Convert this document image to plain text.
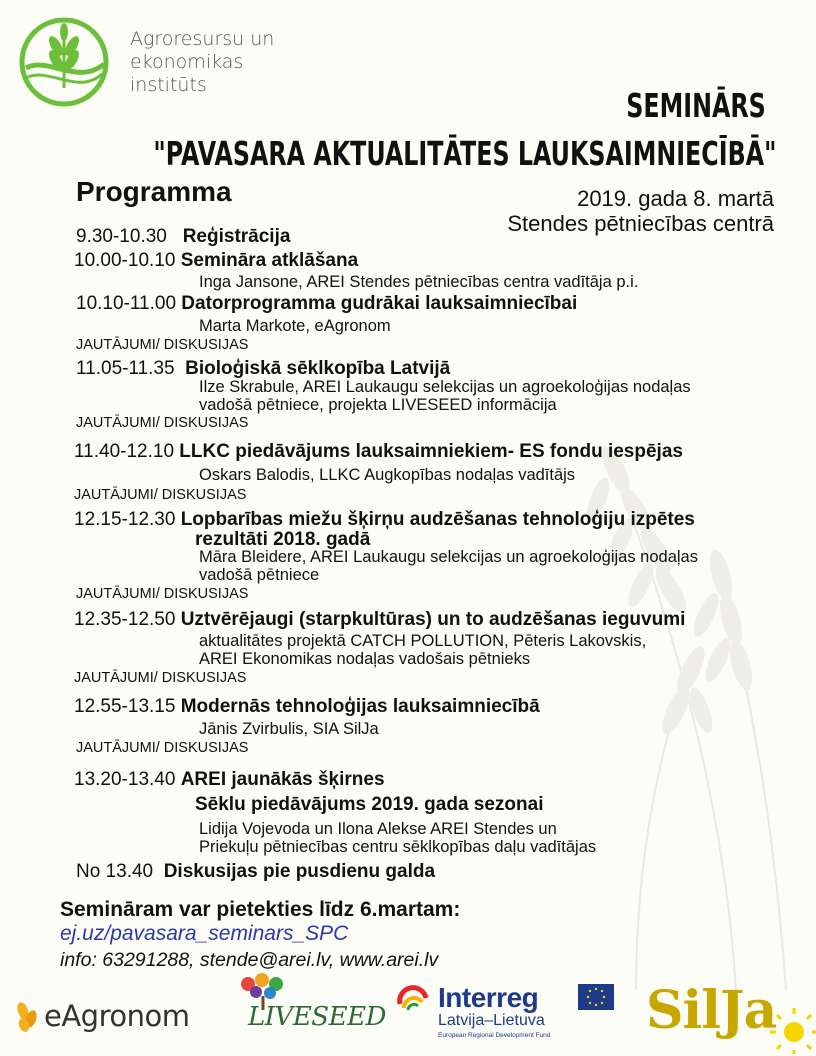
Agroresursu un
ekonomikas
institūts
SEMINĀRS
"PAVASARA AKTUALITĀTES LAUKSAIMNIECĪBĀ"
Programma	2019. gada 8. martā
Stendes pētniecības centrā
9.30-10.30 Reģistrācija
10.00-10.10 Semināra atklāšana
Inga Jansone, AREI Stendes pētniecības centra vadītāja p.i.
10.10-11.00 Datorprogramma gudrākai lauksaimniecībai
Marta Markote, eAgronom
JAUTĀJUMI/ DISKUSIJAS
11.05-11.35 Bioloģiskā sēklkopība Latvijā
Ilze Skrabule, AREI Laukaugu selekcijas un agroekoloģijas nodaļas
vadošā pētniece, projekta LIVESEED informācija
JAUTĀJUMI/ DISKUSIJAS
11.40-12.10 LLKC piedāvājums lauksaimniekiem- ES fondu iespējas
Oskars Balodis, LLKC Augkopības nodaļas vadītājs
JAUTĀJUMI/ DISKUSIJAS
12.15-12.30 Lopbarības miežu šķirņu audzēšanas tehnoloģiju izpētes
rezultāti 2018. gadā
Māra Bleidere, AREI Laukaugu selekcijas un agroekoloģijas nodaļas
vadošā pētniece
JAUTĀJUMI/ DISKUSIJAS
12.35-12.50 Uztvērējaugi (starpkultūras) un to audzēšanas ieguvumi
aktualitātes projektā CATCH POLLUTION, Pēteris Lakovskis,
AREI Ekonomikas nodaļas vadošais pētnieks
JAUTĀJUMI/ DISKUSIJAS
12.55-13.15 Modernās tehnoloģijas lauksaimniecībā
Jānis Zvirbulis, SIA SilJa
JAUTĀJUMI/ DISKUSIJAS
13.20-13.40 AREI jaunākās šķirnes
Sēklu piedāvājums 2019. gada sezonai
Lidija Vojevoda un Ilona Alekse AREI Stendes un
Priekuļu pētniecības centru sēklkopības daļu vadītājas
No 13.40 Diskusijas pie pusdienu galda
Semināram var pietekties līdz 6.martam:
ej.uz/pavasara_seminars_SPC
info: 63291288, stende@arei.lv, www.arei.lv
eAgronom LIVESEED
Interreg
Latvija–Lietuva
European Regional Development Fund SilJa
